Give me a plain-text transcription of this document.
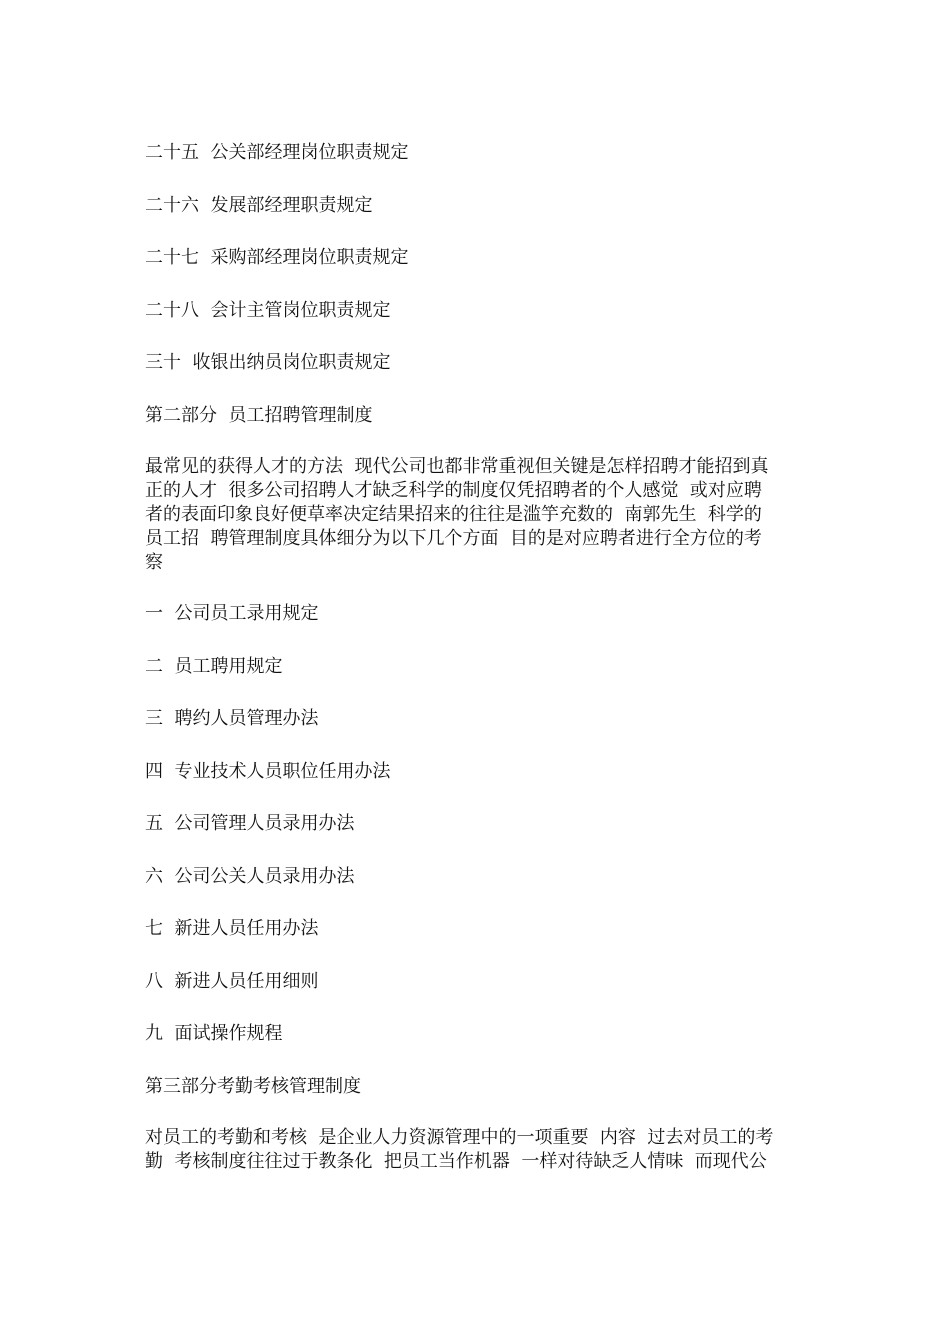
二十五  公关部经理岗位职责规定
二十六  发展部经理职责规定
二十七  采购部经理岗位职责规定
二十八  会计主管岗位职责规定
三十  收银出纳员岗位职责规定
第二部分  员工招聘管理制度
最常见的获得人才的方法  现代公司也都非常重视但关键是怎样招聘才能招到真
正的人才  很多公司招聘人才缺乏科学的制度仅凭招聘者的个人感觉  或对应聘
者的表面印象良好便草率决定结果招来的往往是滥竽充数的  南郭先生  科学的
员工招  聘管理制度具体细分为以下几个方面  目的是对应聘者进行全方位的考
察
一  公司员工录用规定
二  员工聘用规定
三  聘约人员管理办法
四  专业技术人员职位任用办法
五  公司管理人员录用办法
六  公司公关人员录用办法
七  新进人员任用办法
八  新进人员任用细则
九  面试操作规程
第三部分考勤考核管理制度
对员工的考勤和考核  是企业人力资源管理中的一项重要  内容  过去对员工的考
勤  考核制度往往过于教条化  把员工当作机器  一样对待缺乏人情味  而现代公
